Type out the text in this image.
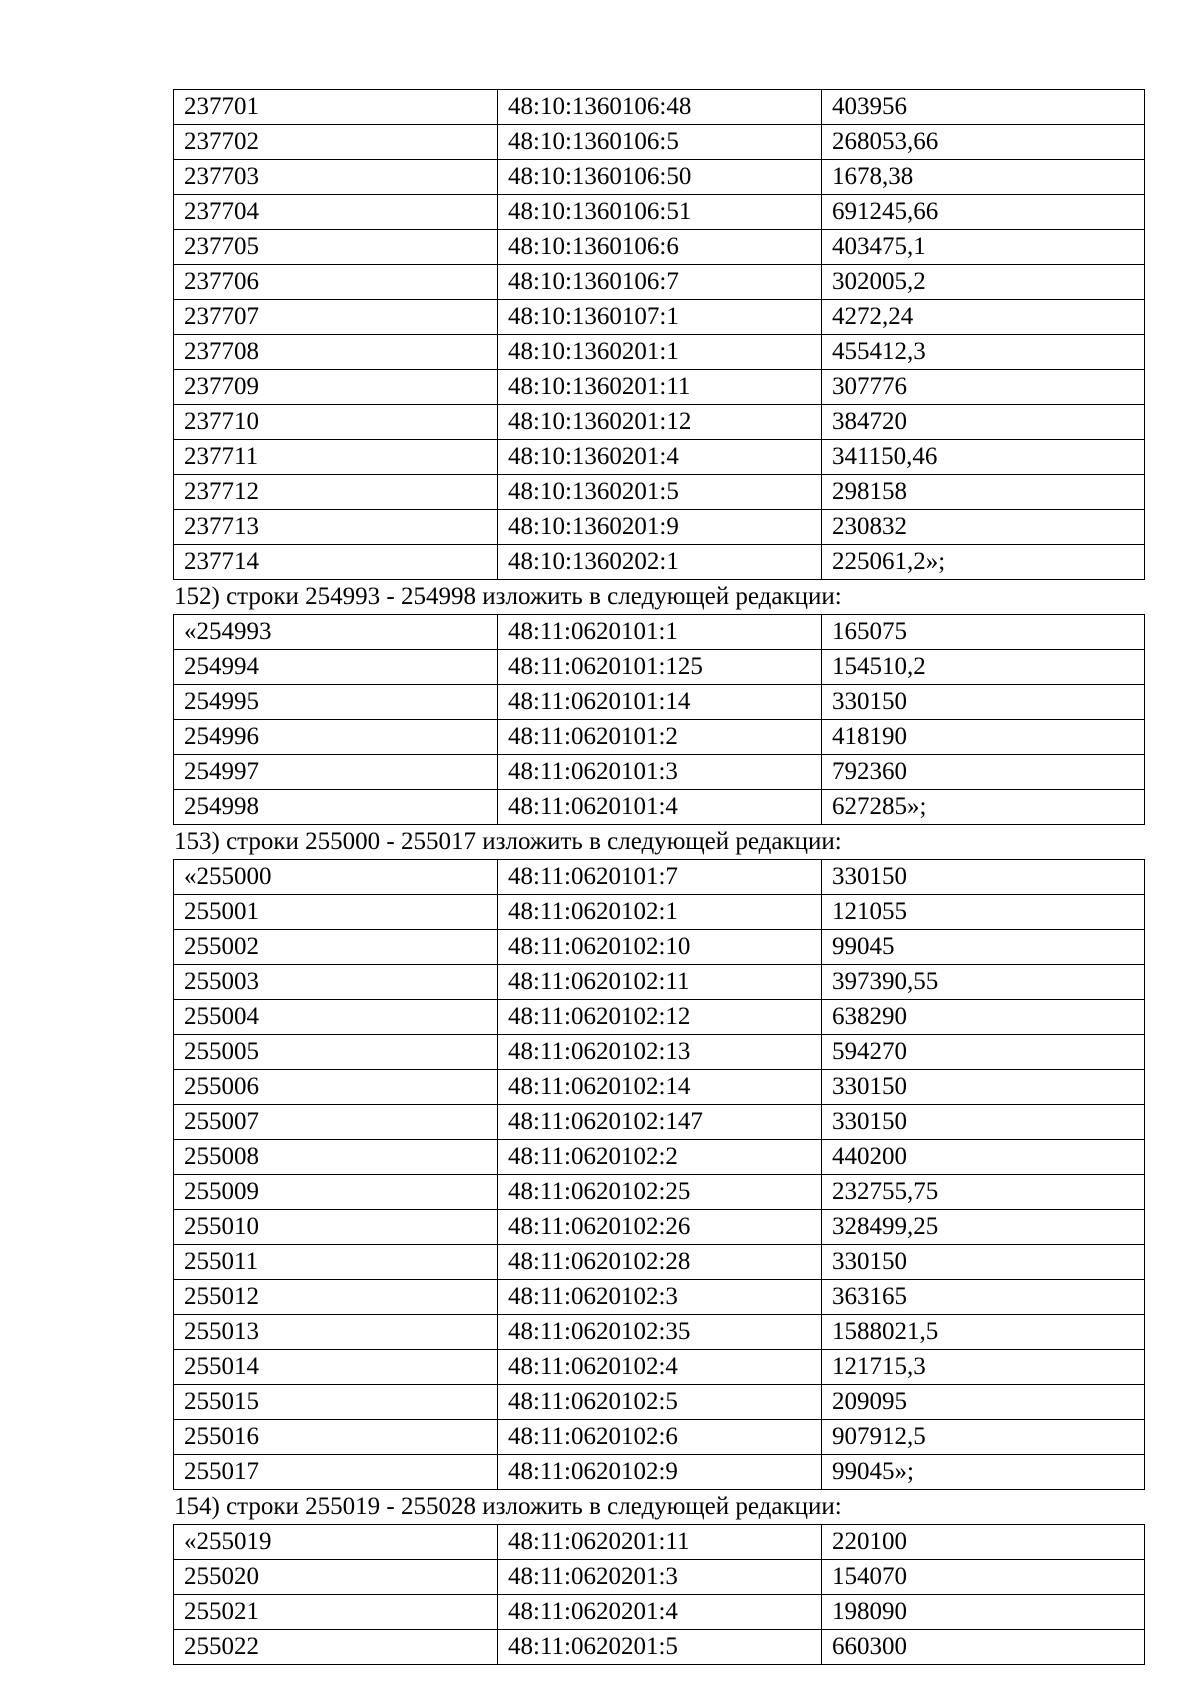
237701	48:10:1360106:48	403956
237702	48:10:1360106:5	268053,66
237703	48:10:1360106:50	1678,38
237704	48:10:1360106:51	691245,66
237705	48:10:1360106:6	403475,1
237706	48:10:1360106:7	302005,2
237707	48:10:1360107:1	4272,24
237708	48:10:1360201:1	455412,3
237709	48:10:1360201:11	307776
237710	48:10:1360201:12	384720
237711	48:10:1360201:4	341150,46
237712	48:10:1360201:5	298158
237713	48:10:1360201:9	230832
237714	48:10:1360202:1	225061,2»;
152) строки 254993 - 254998 изложить в следующей редакции:
«254993	48:11:0620101:1	165075
254994	48:11:0620101:125	154510,2
254995	48:11:0620101:14	330150
254996	48:11:0620101:2	418190
254997	48:11:0620101:3	792360
254998	48:11:0620101:4	627285»;
153) строки 255000 - 255017 изложить в следующей редакции:
«255000	48:11:0620101:7	330150
255001	48:11:0620102:1	121055
255002	48:11:0620102:10	99045
255003	48:11:0620102:11	397390,55
255004	48:11:0620102:12	638290
255005	48:11:0620102:13	594270
255006	48:11:0620102:14	330150
255007	48:11:0620102:147	330150
255008	48:11:0620102:2	440200
255009	48:11:0620102:25	232755,75
255010	48:11:0620102:26	328499,25
255011	48:11:0620102:28	330150
255012	48:11:0620102:3	363165
255013	48:11:0620102:35	1588021,5
255014	48:11:0620102:4	121715,3
255015	48:11:0620102:5	209095
255016	48:11:0620102:6	907912,5
255017	48:11:0620102:9	99045»;
154) строки 255019 - 255028 изложить в следующей редакции:
«255019	48:11:0620201:11	220100
255020	48:11:0620201:3	154070
255021	48:11:0620201:4	198090
255022	48:11:0620201:5	660300
